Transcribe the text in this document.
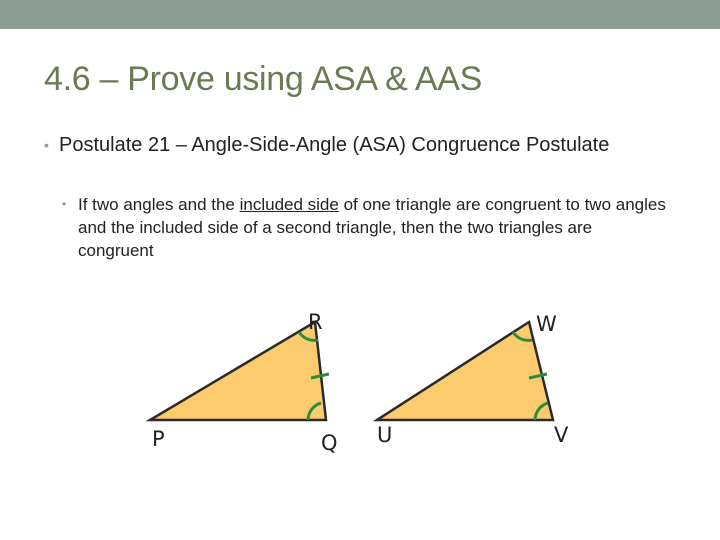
4.6 – Prove using ASA & AAS
• Postulate 21 – Angle-Side-Angle (ASA) Congruence Postulate
• If two angles and the included side of one triangle are congruent to two angles and the included side of a second triangle, then the two triangles are congruent
R
P	Q
W
U	V
